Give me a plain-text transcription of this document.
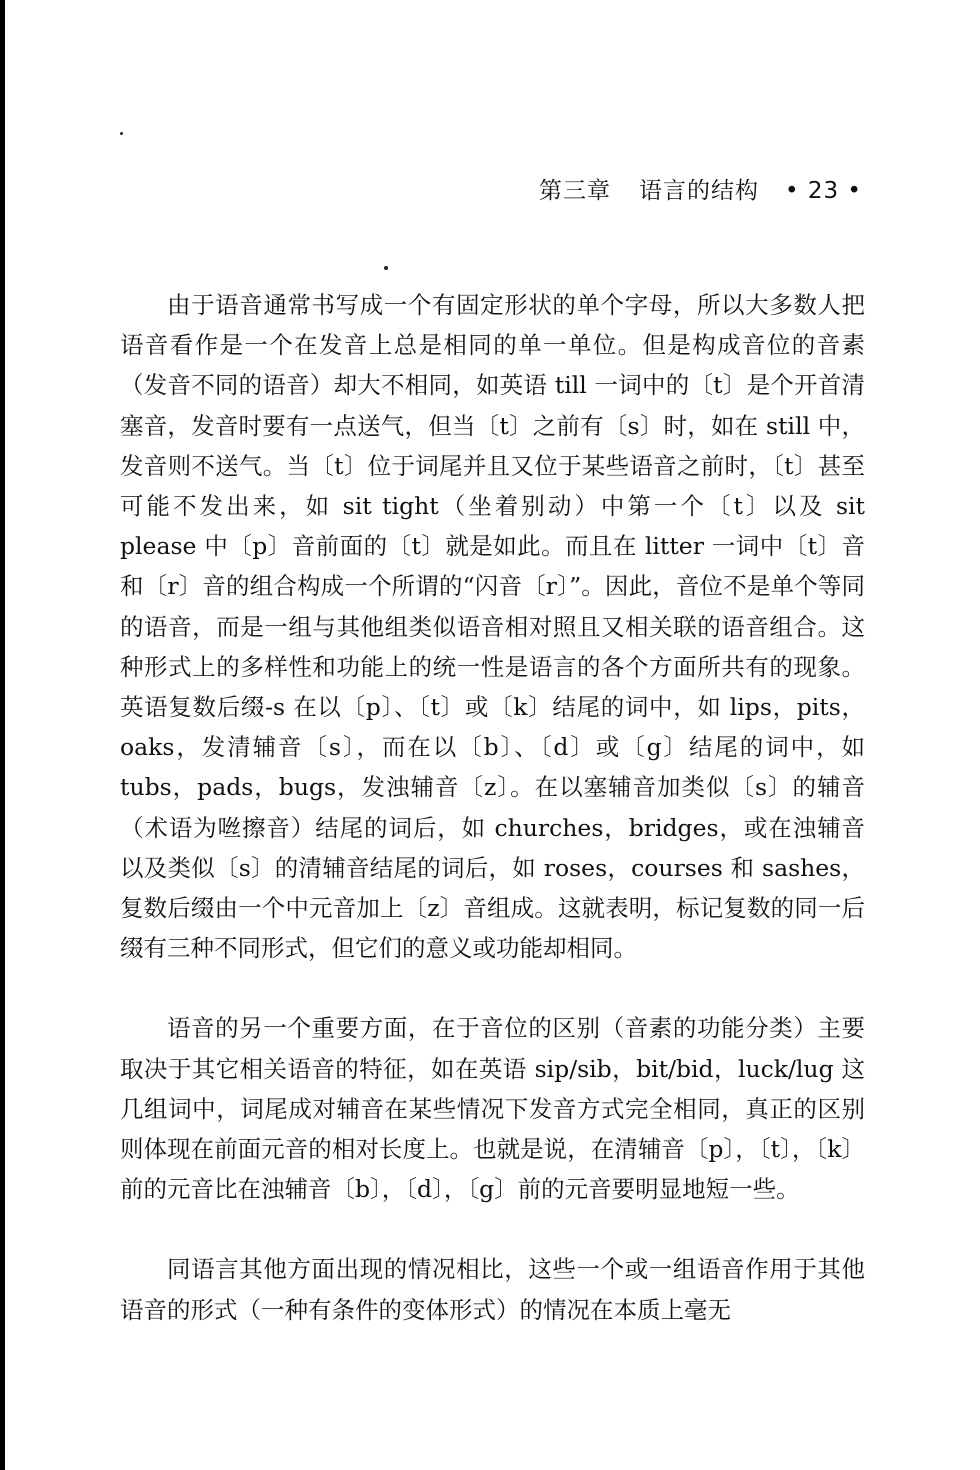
第三章 语言的结构 • 23 •

由于语音通常书写成一个有固定形状的单个字母，所以大多数人把语音看作是一个在发音上总是相同的单一单位。但是构成音位的音素（发音不同的语音）却大不相同，如英语 till 一词中的〔t〕是个开首清塞音，发音时要有一点送气，但当〔t〕之前有〔s〕时，如在 still 中，发音则不送气。当〔t〕位于词尾并且又位于某些语音之前时，〔t〕甚至可能不发出来，如 sit tight（坐着别动）中第一个〔t〕以及 sit please 中〔p〕音前面的〔t〕就是如此。而且在 litter 一词中〔t〕音和〔r〕音的组合构成一个所谓的“闪音〔r〕”。因此，音位不是单个等同的语音，而是一组与其他组类似语音相对照且又相关联的语音组合。这种形式上的多样性和功能上的统一性是语言的各个方面所共有的现象。英语复数后缀-s 在以〔p〕、〔t〕或〔k〕结尾的词中，如 lips，pits，oaks，发清辅音〔s〕，而在以〔b〕、〔d〕或〔g〕结尾的词中，如 tubs，pads，bugs，发浊辅音〔z〕。在以塞辅音加类似〔s〕的辅音（术语为咝擦音）结尾的词后，如 churches，bridges，或在浊辅音以及类似〔s〕的清辅音结尾的词后，如 roses，courses 和 sashes，复数后缀由一个中元音加上〔z〕音组成。这就表明，标记复数的同一后缀有三种不同形式，但它们的意义或功能却相同。

语音的另一个重要方面，在于音位的区别（音素的功能分类）主要取决于其它相关语音的特征，如在英语 sip/sib，bit/bid，luck/lug 这几组词中，词尾成对辅音在某些情况下发音方式完全相同，真正的区别则体现在前面元音的相对长度上。也就是说，在清辅音〔p〕，〔t〕，〔k〕前的元音比在浊辅音〔b〕，〔d〕，〔g〕前的元音要明显地短一些。

同语言其他方面出现的情况相比，这些一个或一组语音作用于其他语音的形式（一种有条件的变体形式）的情况在本质上毫无
